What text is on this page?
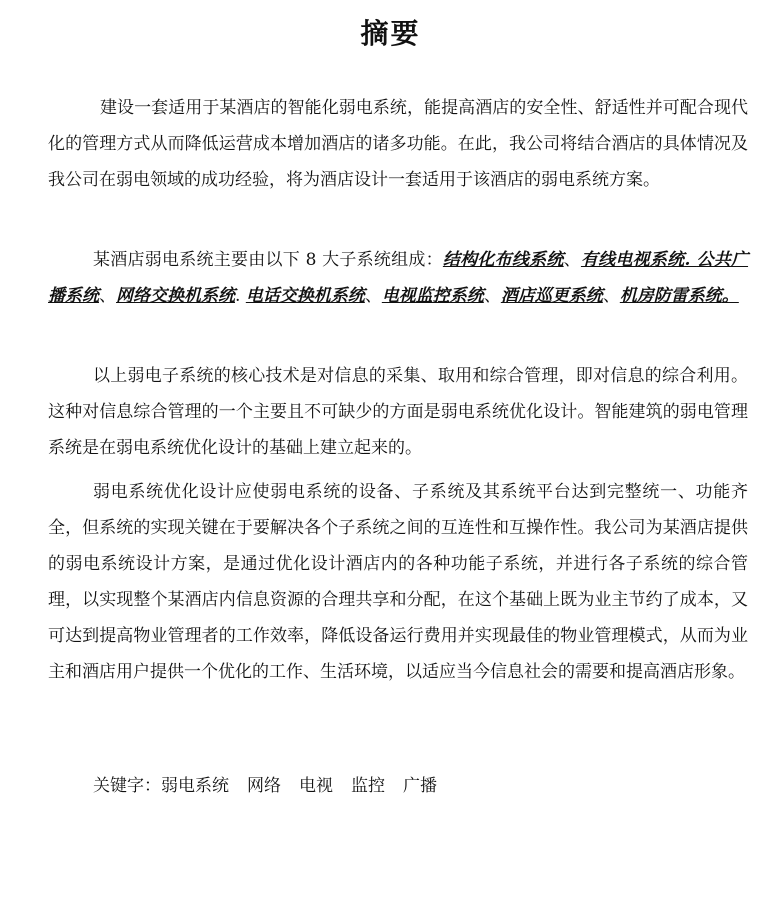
摘要

建设一套适用于某酒店的智能化弱电系统，能提高酒店的安全性、舒适性并可配合现代化的管理方式从而降低运营成本增加酒店的诸多功能。在此，我公司将结合酒店的具体情况及我公司在弱电领域的成功经验，将为酒店设计一套适用于该酒店的弱电系统方案。

某酒店弱电系统主要由以下 8 大子系统组成：结构化布线系统、有线电视系统. 公共广播系统、网络交换机系统. 电话交换机系统、电视监控系统、酒店巡更系统、机房防雷系统。

以上弱电子系统的核心技术是对信息的采集、取用和综合管理，即对信息的综合利用。这种对信息综合管理的一个主要且不可缺少的方面是弱电系统优化设计。智能建筑的弱电管理系统是在弱电系统优化设计的基础上建立起来的。

弱电系统优化设计应使弱电系统的设备、子系统及其系统平台达到完整统一、功能齐全，但系统的实现关键在于要解决各个子系统之间的互连性和互操作性。我公司为某酒店提供的弱电系统设计方案，是通过优化设计酒店内的各种功能子系统，并进行各子系统的综合管理，以实现整个某酒店内信息资源的合理共享和分配，在这个基础上既为业主节约了成本，又可达到提高物业管理者的工作效率，降低设备运行费用并实现最佳的物业管理模式，从而为业主和酒店用户提供一个优化的工作、生活环境，以适应当今信息社会的需要和提高酒店形象。

关键字：弱电系统 网络 电视 监控 广播
